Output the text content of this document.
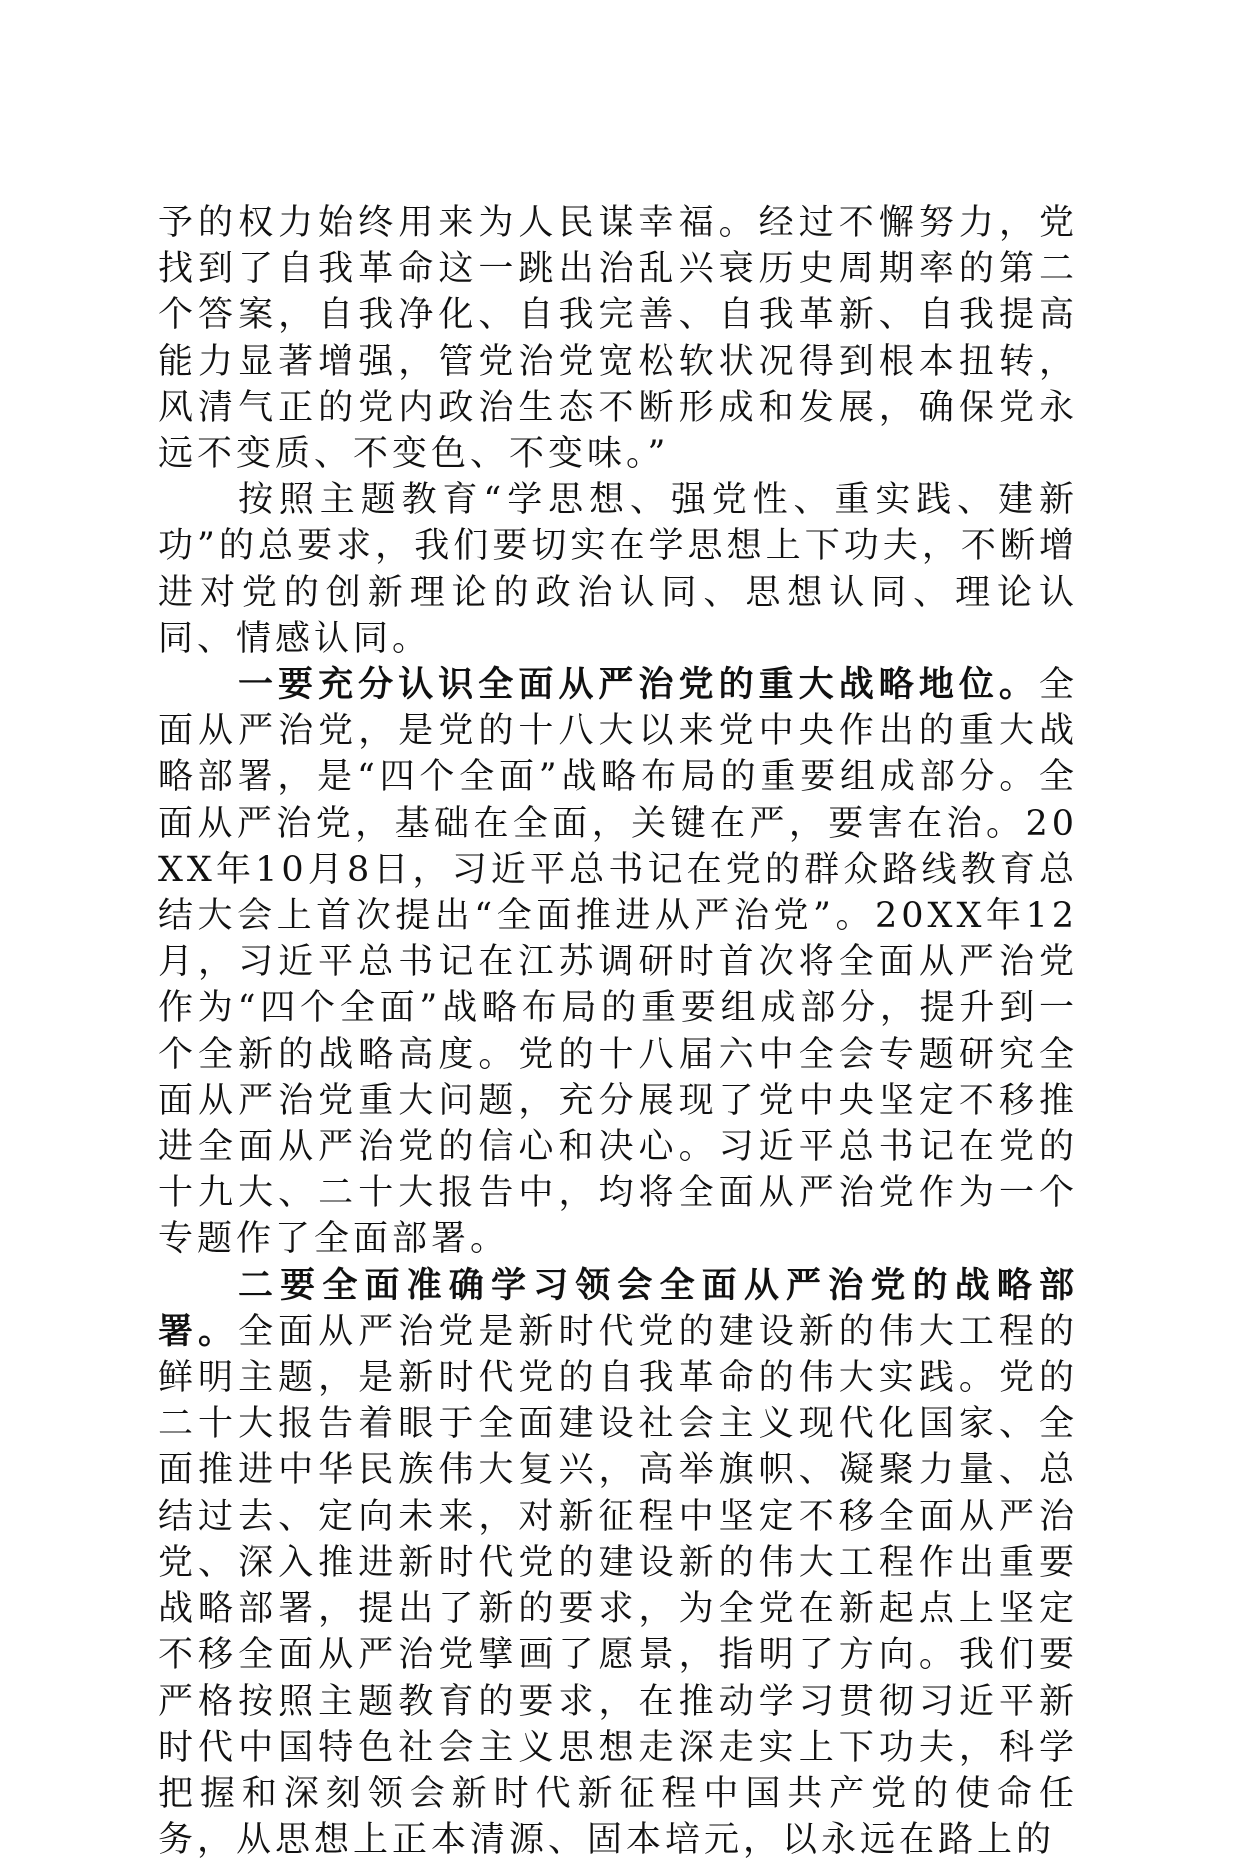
予的权力始终用来为人民谋幸福。经过不懈努力，党找到了自我革命这一跳出治乱兴衰历史周期率的第二个答案，自我净化、自我完善、自我革新、自我提高能力显著增强，管党治党宽松软状况得到根本扭转，风清气正的党内政治生态不断形成和发展，确保党永远不变质、不变色、不变味。”

按照主题教育“学思想、强党性、重实践、建新功”的总要求，我们要切实在学思想上下功夫，不断增进对党的创新理论的政治认同、思想认同、理论认同、情感认同。

一要充分认识全面从严治党的重大战略地位。全面从严治党，是党的十八大以来党中央作出的重大战略部署，是“四个全面”战略布局的重要组成部分。全面从严治党，基础在全面，关键在严，要害在治。20XX年10月8日，习近平总书记在党的群众路线教育总结大会上首次提出“全面推进从严治党”。20XX年12月，习近平总书记在江苏调研时首次将全面从严治党作为“四个全面”战略布局的重要组成部分，提升到一个全新的战略高度。党的十八届六中全会专题研究全面从严治党重大问题，充分展现了党中央坚定不移推进全面从严治党的信心和决心。习近平总书记在党的十九大、二十大报告中，均将全面从严治党作为一个专题作了全面部署。

二要全面准确学习领会全面从严治党的战略部署。全面从严治党是新时代党的建设新的伟大工程的鲜明主题，是新时代党的自我革命的伟大实践。党的二十大报告着眼于全面建设社会主义现代化国家、全面推进中华民族伟大复兴，高举旗帜、凝聚力量、总结过去、定向未来，对新征程中坚定不移全面从严治党、深入推进新时代党的建设新的伟大工程作出重要战略部署，提出了新的要求，为全党在新起点上坚定不移全面从严治党擘画了愿景，指明了方向。我们要严格按照主题教育的要求，在推动学习贯彻习近平新时代中国特色社会主义思想走深走实上下功夫，科学把握和深刻领会新时代新征程中国共产党的使命任务，从思想上正本清源、固本培元，以永远在路上的
